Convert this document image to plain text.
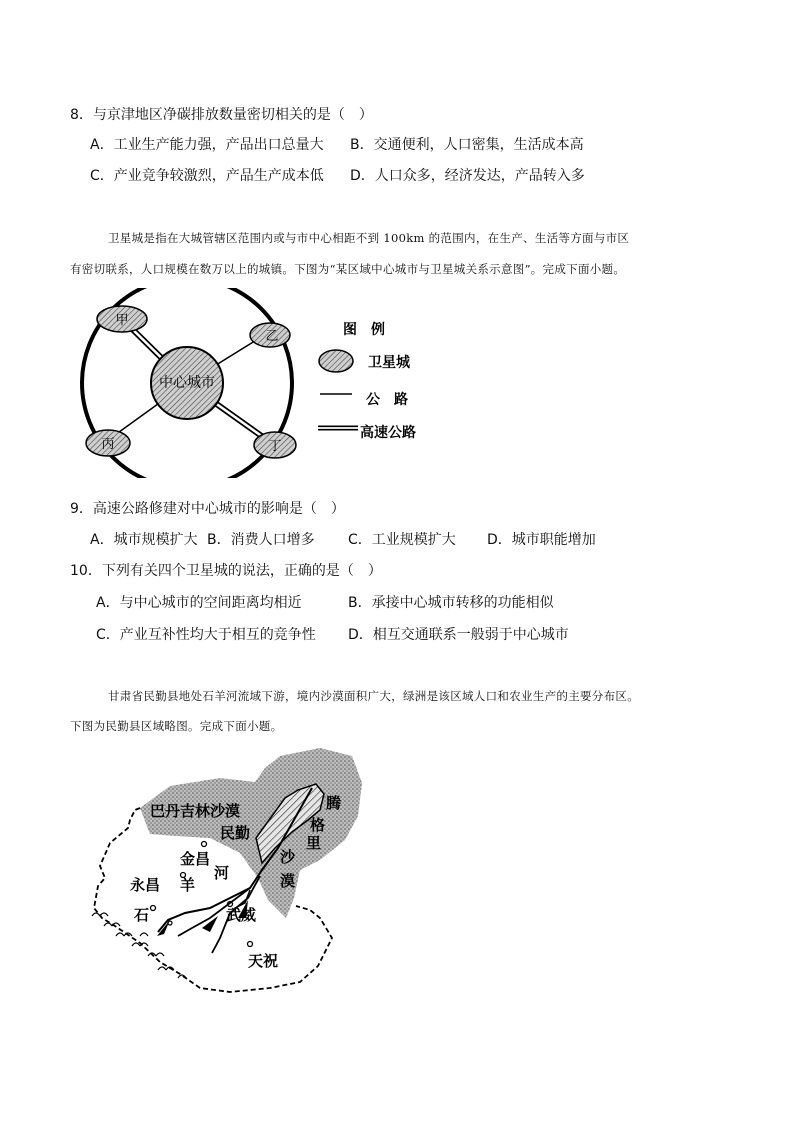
8．与京津地区净碳排放数量密切相关的是（　）
A．工业生产能力强，产品出口总量大 B．交通便利，人口密集，生活成本高
C．产业竞争较激烈，产品生产成本低 D．人口众多，经济发达，产品转入多
卫星城是指在大城管辖区范围内或与市中心相距不到 100km 的范围内，在生产、生活等方面与市区
有密切联系，人口规模在数万以上的城镇。下图为“某区域中心城市与卫星城关系示意图”。完成下面小题。
中心城市
甲
乙
丙	丁
图　例
卫星城
公　路
高速公路
9．高速公路修建对中心城市的影响是（　）
A．城市规模扩大 B．消费人口增多 C．工业规模扩大 D．城市职能增加
10．下列有关四个卫星城的说法，正确的是（　）
A．与中心城市的空间距离均相近	B．承接中心城市转移的功能相似
C．产业互补性均大于相互的竞争性 D．相互交通联系一般弱于中心城市
甘肃省民勤县地处石羊河流域下游，境内沙漠面积广大，绿洲是该区域人口和农业生产的主要分布区。
下图为民勤县区域略图。完成下面小题。
巴丹吉林沙漠
民勤
金昌
永昌 羊
河
石	武威
天祝
腾
格
里
沙
漠
